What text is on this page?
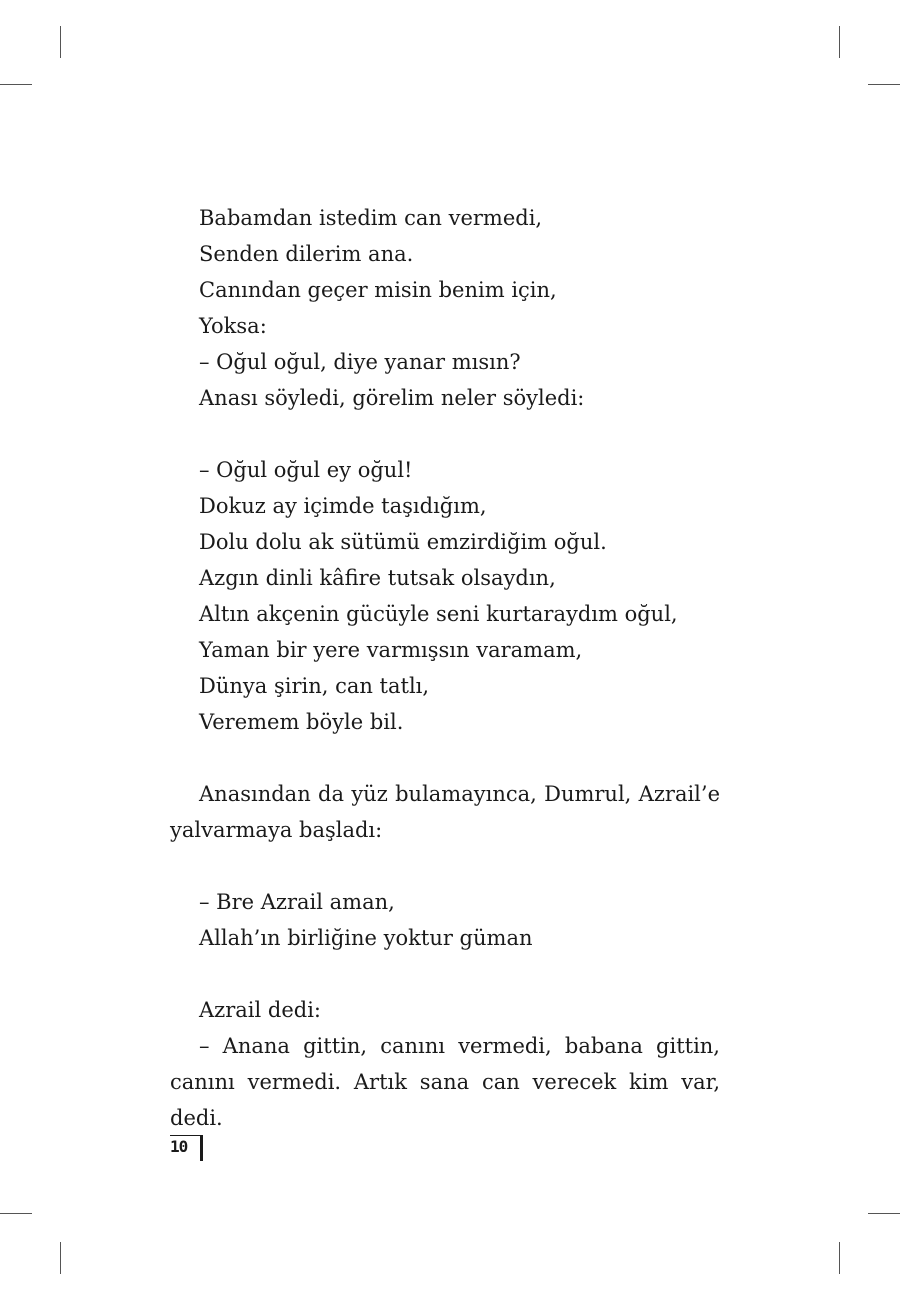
Babamdan istedim can vermedi,

Senden dilerim ana.

Canından geçer misin benim için,

Yoksa:

– Oğul oğul, diye yanar mısın?

Anası söyledi, görelim neler söyledi:

– Oğul oğul ey oğul!

Dokuz ay içimde taşıdığım,

Dolu dolu ak sütümü emzirdiğim oğul.

Azgın dinli kâfire tutsak olsaydın,

Altın akçenin gücüyle seni kurtaraydım oğul,

Yaman bir yere varmışsın varamam,

Dünya şirin, can tatlı,

Veremem böyle bil.

Anasından da yüz bulamayınca, Dumrul, Azrail’e yalvarmaya başladı:

– Bre Azrail aman,

Allah’ın birliğine yoktur güman

Azrail dedi:

– Anana gittin, canını vermedi, babana gittin, canını vermedi. Artık sana can verecek kim var, dedi.

10
